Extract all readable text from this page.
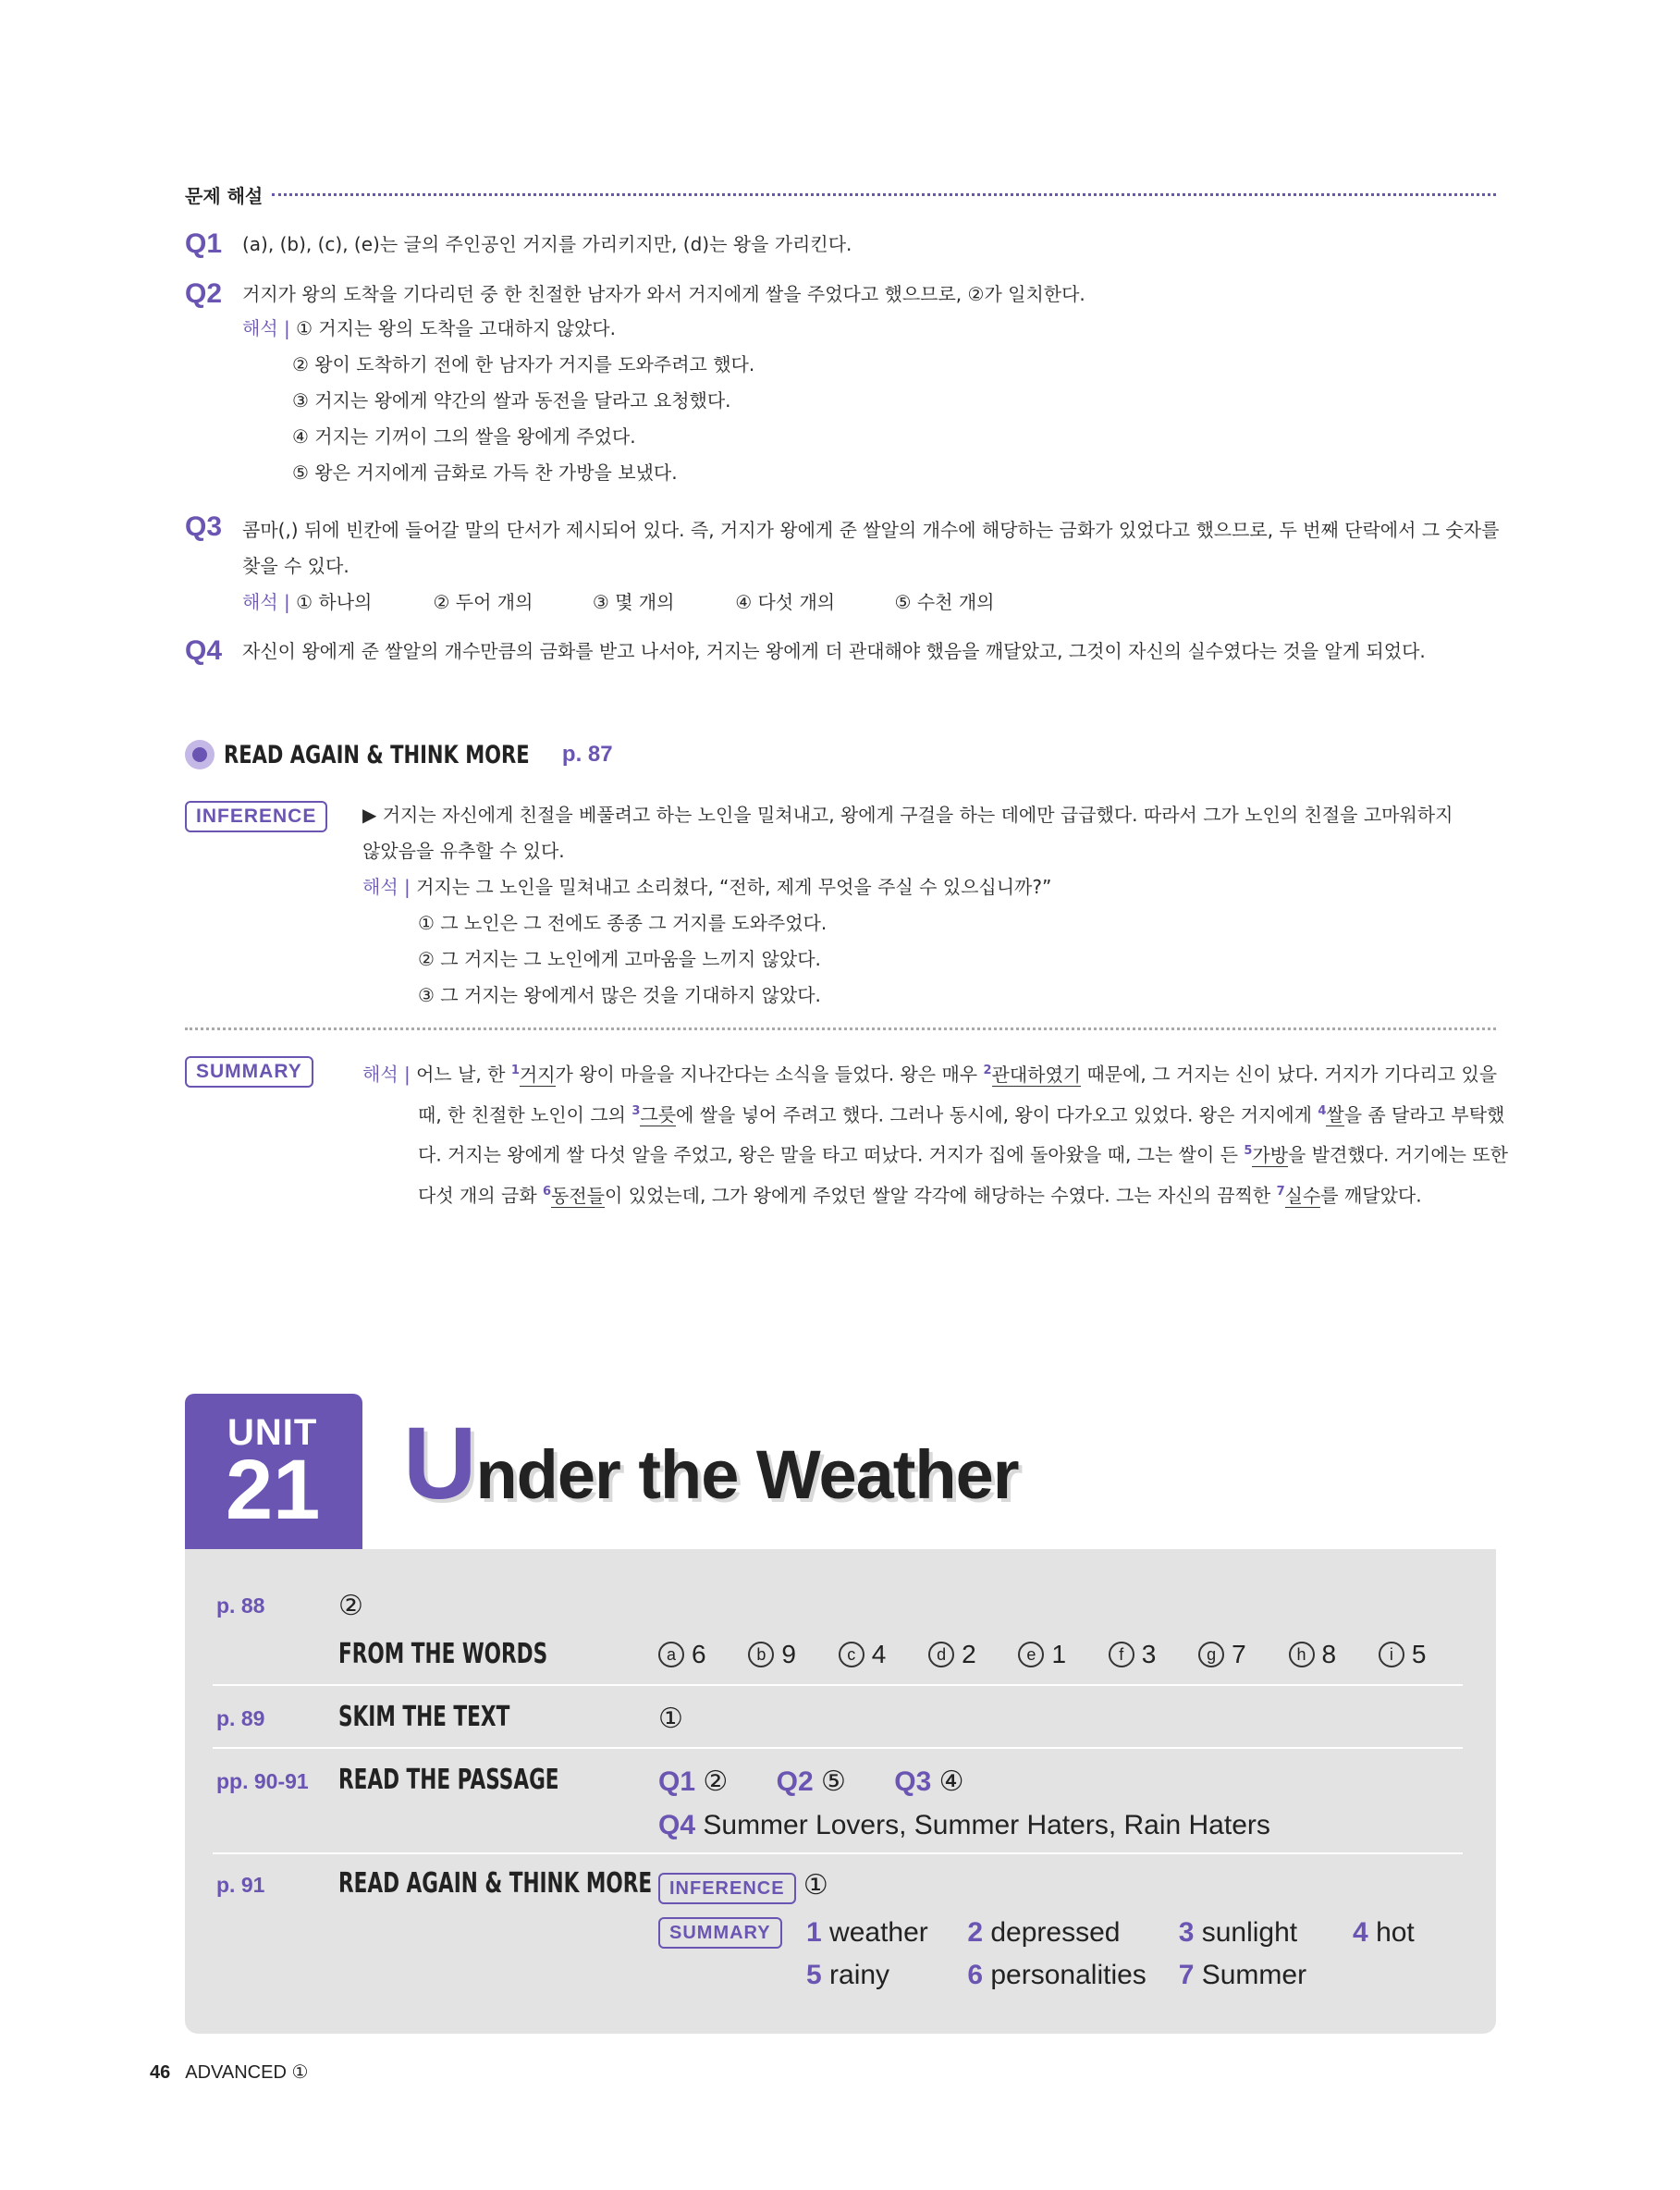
문제 해설
Q1	(a), (b), (c), (e)는 글의 주인공인 거지를 가리키지만, (d)는 왕을 가리킨다.
Q2	거지가 왕의 도착을 기다리던 중 한 친절한 남자가 와서 거지에게 쌀을 주었다고 했으므로, ②가 일치한다.
해석 | ① 거지는 왕의 도착을 고대하지 않았다.
② 왕이 도착하기 전에 한 남자가 거지를 도와주려고 했다.
③ 거지는 왕에게 약간의 쌀과 동전을 달라고 요청했다.
④ 거지는 기꺼이 그의 쌀을 왕에게 주었다.
⑤ 왕은 거지에게 금화로 가득 찬 가방을 보냈다.
Q3	콤마(,) 뒤에 빈칸에 들어갈 말의 단서가 제시되어 있다. 즉, 거지가 왕에게 준 쌀알의 개수에 해당하는 금화가 있었다고 했으므로, 두 번째 단락에서 그 숫자를
찾을 수 있다.
해석 | ① 하나의	② 두어 개의	③ 몇 개의	④ 다섯 개의	⑤ 수천 개의
Q4	자신이 왕에게 준 쌀알의 개수만큼의 금화를 받고 나서야, 거지는 왕에게 더 관대해야 했음을 깨달았고, 그것이 자신의 실수였다는 것을 알게 되었다.
READ AGAIN & THINK MORE p. 87
INFERENCE	▶ 거지는 자신에게 친절을 베풀려고 하는 노인을 밀쳐내고, 왕에게 구걸을 하는 데에만 급급했다. 따라서 그가 노인의 친절을 고마워하지
않았음을 유추할 수 있다.
해석 | 거지는 그 노인을 밀쳐내고 소리쳤다, “전하, 제게 무엇을 주실 수 있으십니까?”
① 그 노인은 그 전에도 종종 그 거지를 도와주었다.
② 그 거지는 그 노인에게 고마움을 느끼지 않았다.
③ 그 거지는 왕에게서 많은 것을 기대하지 않았다.
SUMMARY	해석 | 어느 날, 한 $^1$거지가 왕이 마을을 지나간다는 소식을 들었다. 왕은 매우 $^2$관대하였기 때문에, 그 거지는 신이 났다. 거지가 기다리고 있을
때, 한 친절한 노인이 그의 $^3$그릇에 쌀을 넣어 주려고 했다. 그러나 동시에, 왕이 다가오고 있었다. 왕은 거지에게 $^4$쌀을 좀 달라고 부탁했
다. 거지는 왕에게 쌀 다섯 알을 주었고, 왕은 말을 타고 떠났다. 거지가 집에 돌아왔을 때, 그는 쌀이 든 $^5$가방을 발견했다. 거기에는 또한
다섯 개의 금화 $^6$동전들이 있었는데, 그가 왕에게 주었던 쌀알 각각에 해당하는 수였다. 그는 자신의 끔찍한 $^7$실수를 깨달았다.
UNIT
21 Under the Weather
p. 88	②
FROM THE WORDS	a 6	b 9	c 4	d 2	e 1	f 3	g 7	h 8	i 5
p. 89	SKIM THE TEXT	①
pp. 90-91 READ THE PASSAGE	Q1 ② Q2 ⑤ Q3 ④
Q4 Summer Lovers, Summer Haters, Rain Haters
p. 91	READ AGAIN & THINK MORE INFERENCE ①
SUMMARY	1 weather 2 depressed 3 sunlight 4 hot
5 rainy	6 personalities 7 Summer
46 ADVANCED ①
